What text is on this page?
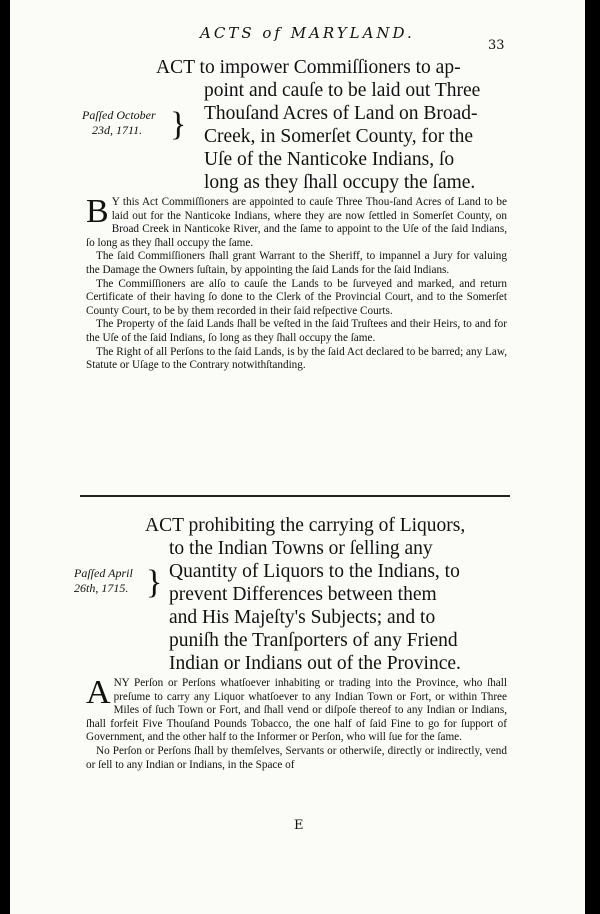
ACTS of MARYLAND.
33
ACT to impower Commiſſioners to ap-
point and cauſe to be laid out Three
Thouſand Acres of Land on Broad-
Creek, in Somerſet County, for the
Uſe of the Nanticoke Indians, ſo
long as they ſhall occupy the ſame.
Paſſed October
23d, 1711. }

B Y this Act Commiſſioners are appointed to cauſe Three Thou-ſand Acres of Land to be laid out for the Nanticoke Indians, where they are now ſettled in Somerſet County, on Broad Creek in Nanticoke River, and the ſame to appoint to the Uſe of the ſaid Indians, ſo long as they ſhall occupy the ſame.

The ſaid Commiſſioners ſhall grant Warrant to the Sheriff, to impannel a Jury for valuing the Damage the Owners ſuſtain, by appointing the ſaid Lands for the ſaid Indians.

The Commiſſioners are alſo to cauſe the Lands to be ſurveyed and marked, and return Certificate of their having ſo done to the Clerk of the Provincial Court, and to the Somerſet County Court, to be by them recorded in their ſaid reſpective Courts.

The Property of the ſaid Lands ſhall be veſted in the ſaid Truſtees and their Heirs, to and for the Uſe of the ſaid Indians, ſo long as they ſhall occupy the ſame.

The Right of all Perſons to the ſaid Lands, is by the ſaid Act declared to be barred; any Law, Statute or Uſage to the Contrary notwithſtanding.

ACT prohibiting the carrying of Liquors,
to the Indian Towns or ſelling any
Quantity of Liquors to the Indians, to
prevent Differences between them
and His Majeſty's Subjects; and to
puniſh the Tranſporters of any Friend
Indian or Indians out of the Province.
Paſſed April
26th, 1715. }

ANY Perſon or Perſons whatſoever inhabiting or trading into the Province, who ſhall preſume to carry any Liquor whatſoever to any Indian Town or Fort, or within Three Miles of ſuch Town or Fort, and ſhall vend or diſpoſe thereof to any Indian or Indians, ſhall forfeit Five Thouſand Pounds Tobacco, the one half of ſaid Fine to go for ſupport of Government, and the other half to the Informer or Perſon, who will ſue for the ſame.

No Perſon or Perſons ſhall by themſelves, Servants or otherwiſe, directly or indirectly, vend or ſell to any Indian or Indians, in the Space of

E
